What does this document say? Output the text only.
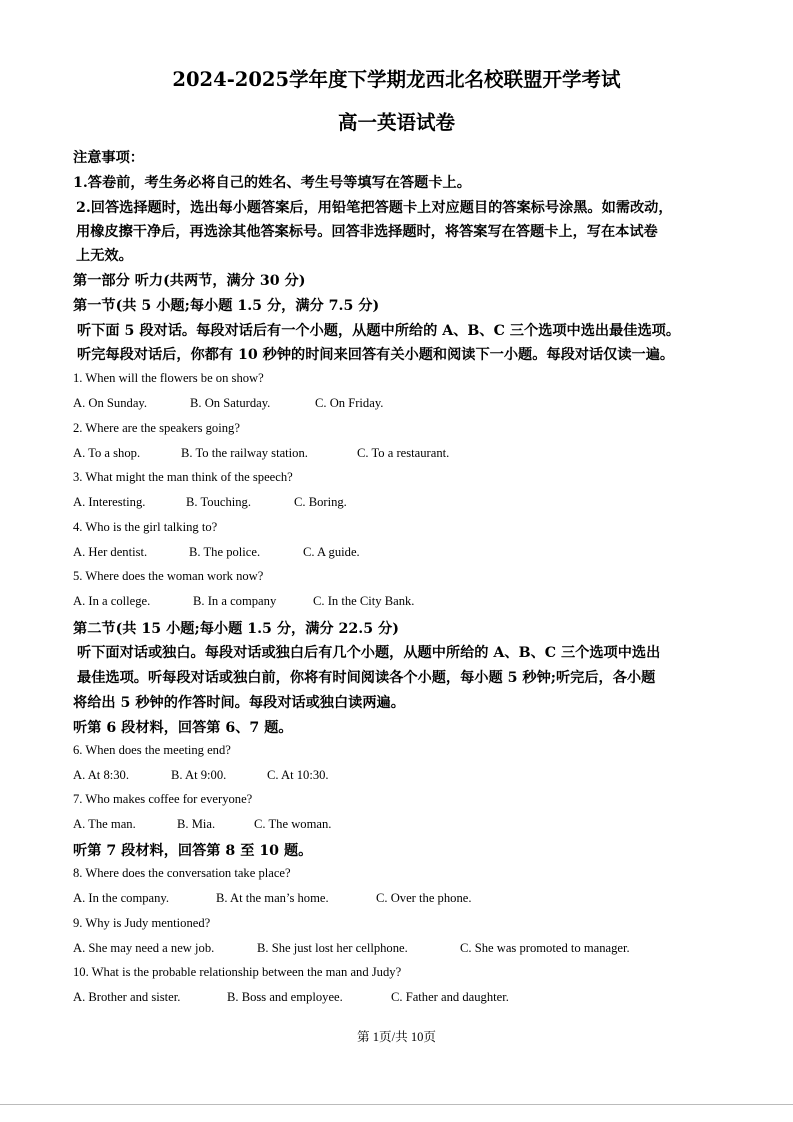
2024-2025学年度下学期龙西北名校联盟开学考试
高一英语试卷
注意事项：
1.答卷前，考生务必将自己的姓名、考生号等填写在答题卡上。
2.回答选择题时，选出每小题答案后，用铅笔把答题卡上对应题目的答案标号涂黑。如需改动，
用橡皮擦干净后，再选涂其他答案标号。回答非选择题时，将答案写在答题卡上，写在本试卷
上无效。
第一部分 听力(共两节，满分 30 分)
第一节(共 5 小题;每小题 1.5 分，满分 7.5 分)
听下面 5 段对话。每段对话后有一个小题，从题中所给的 A、B、C 三个选项中选出最佳选项。
听完每段对话后，你都有 10 秒钟的时间来回答有关小题和阅读下一小题。每段对话仅读一遍。
1. When will the flowers be on show?
A. On Sunday.	B. On Saturday.	C. On Friday.
2. Where are the speakers going?
A. To a shop.	B. To the railway station.	C. To a restaurant.
3. What might the man think of the speech?
A. Interesting.	B. Touching.	C. Boring.
4. Who is the girl talking to?
A. Her dentist.	B. The police.	C. A guide.
5. Where does the woman work now?
A. In a college.	B. In a company	C. In the City Bank.
第二节(共 15 小题;每小题 1.5 分，满分 22.5 分)
听下面对话或独白。每段对话或独白后有几个小题，从题中所给的 A、B、C 三个选项中选出
最佳选项。听每段对话或独白前，你将有时间阅读各个小题，每小题 5 秒钟;听完后，各小题
将给出 5 秒钟的作答时间。每段对话或独白读两遍。
听第 6 段材料，回答第 6、7 题。
6. When does the meeting end?
A. At 8:30.	B. At 9:00.	C. At 10:30.
7. Who makes coffee for everyone?
A. The man.	B. Mia.	C. The woman.
听第 7 段材料，回答第 8 至 10 题。
8. Where does the conversation take place?
A. In the company.	B. At the man’s home.	C. Over the phone.
9. Why is Judy mentioned?
A. She may need a new job.	B. She just lost her cellphone.	C. She was promoted to manager.
10. What is the probable relationship between the man and Judy?
A. Brother and sister.	B. Boss and employee.	C. Father and daughter.
第 1页/共 10页
